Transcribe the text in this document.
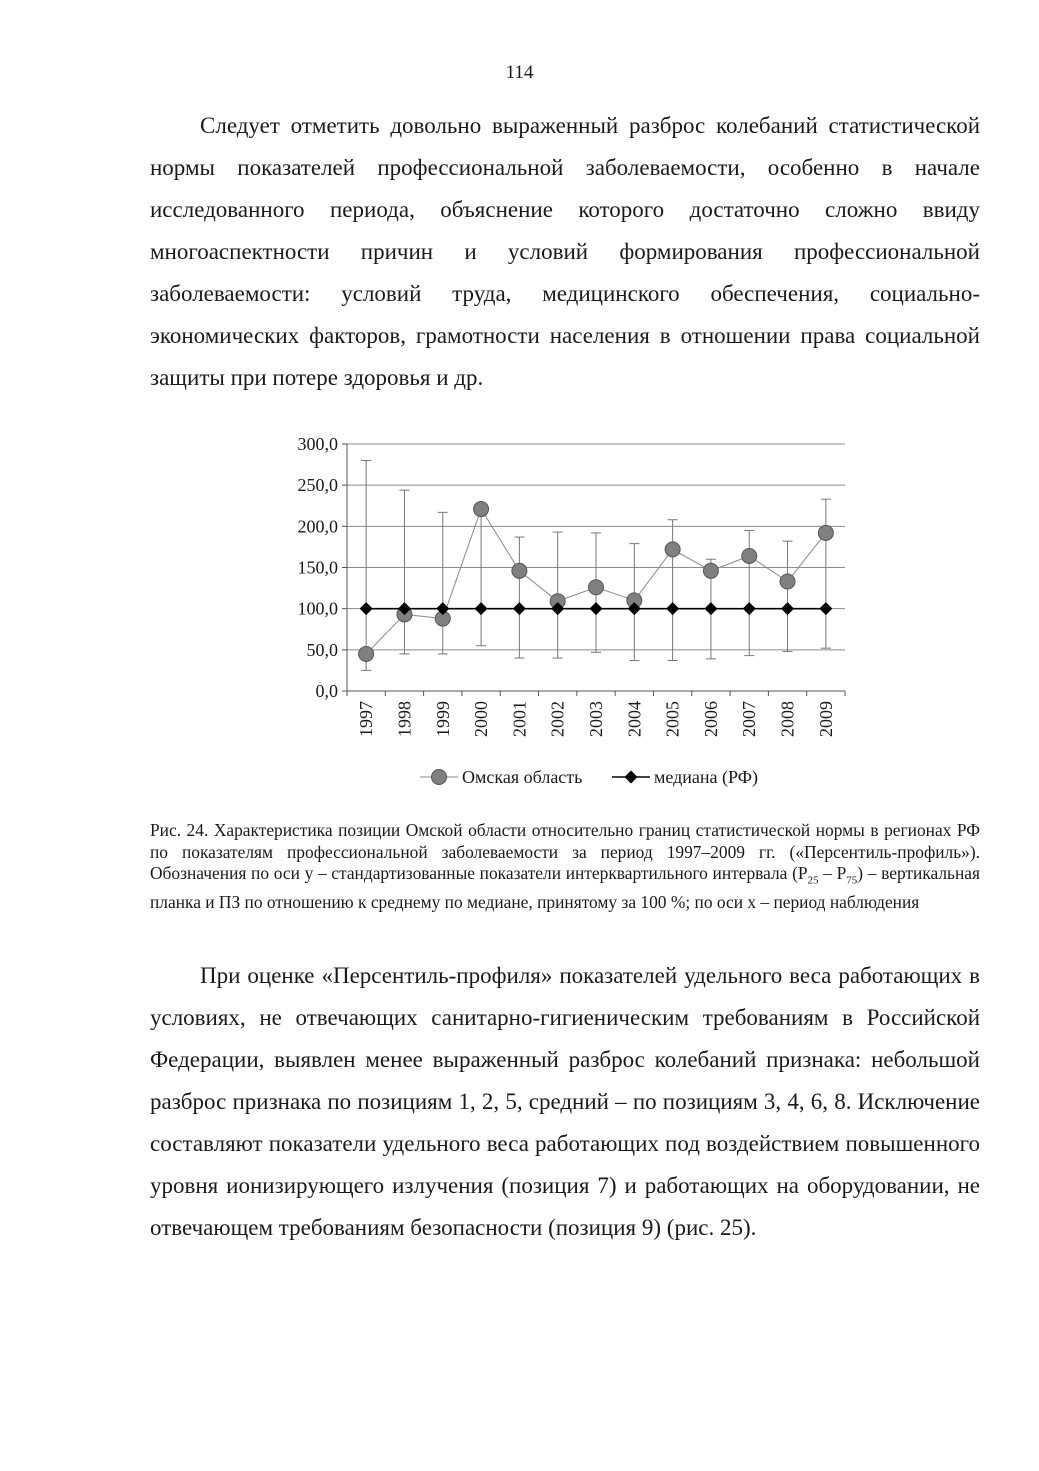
114

Следует отметить довольно выраженный разброс колебаний статистической нормы показателей профессиональной заболеваемости, особенно в начале исследованного периода, объяснение которого достаточно сложно ввиду многоаспектности причин и условий формирования профессиональной заболеваемости: условий труда, медицинского обеспечения, социально-экономических факторов, грамотности населения в отношении права социальной защиты при потере здоровья и др.

0,0
50,0
100,0
150,0
200,0
250,0
300,0
1997 1998 1999 2000 2001 2002 2003 2004 2005 2006 2007 2008 2009
Омская область	медиана (РФ)

Рис. 24. Характеристика позиции Омской области относительно границ статистической нормы в регионах РФ по показателям профессиональной заболеваемости за период 1997–2009 гг. («Персентиль-профиль»). Обозначения по оси y – стандартизованные показатели интерквартильного интервала $(P_{25} - P_{75})$ – вертикальная планка и ПЗ по отношению к среднему по медиане, принятому за 100 %; по оси x – период наблюдения

При оценке «Персентиль-профиля» показателей удельного веса работающих в условиях, не отвечающих санитарно-гигиеническим требованиям в Российской Федерации, выявлен менее выраженный разброс колебаний признака: небольшой разброс признака по позициям 1, 2, 5, средний – по позициям 3, 4, 6, 8. Исключение составляют показатели удельного веса работающих под воздействием повышенного уровня ионизирующего излучения (позиция 7) и работающих на оборудовании, не отвечающем требованиям безопасности (позиция 9) (рис. 25).
